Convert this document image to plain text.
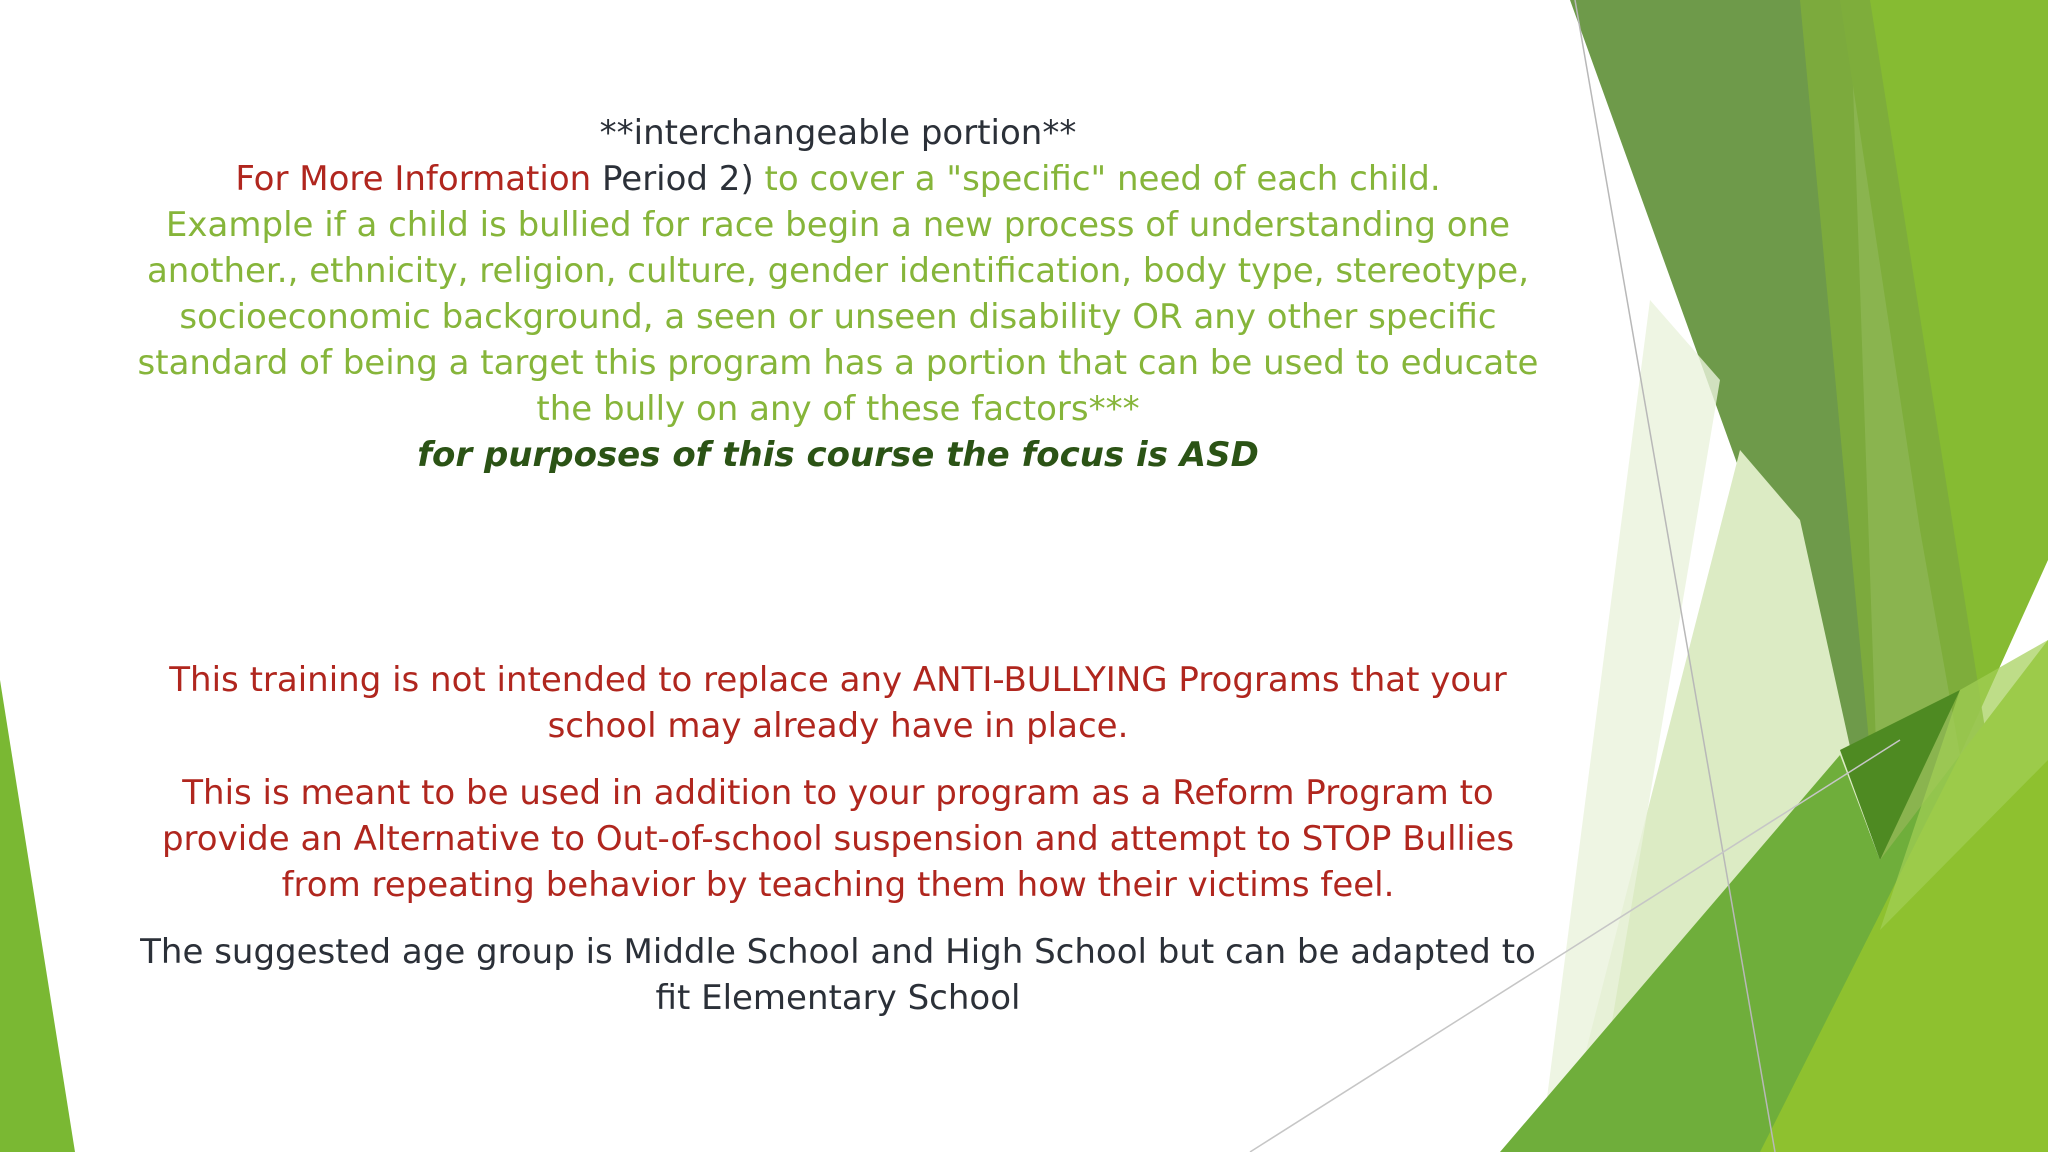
**interchangeable portion**
For More Information Period 2) to cover a "specific" need of each child.
Example if a child is bullied for race begin a new process of understanding one another., ethnicity, religion, culture, gender identification, body type, stereotype, socioeconomic background, a seen or unseen disability OR any other specific standard of being a target this program has a portion that can be used to educate the bully on any of these factors***
for purposes of this course the focus is ASD

This training is not intended to replace any ANTI-BULLYING Programs that your school may already have in place.

This is meant to be used in addition to your program as a Reform Program to provide an Alternative to Out-of-school suspension and attempt to STOP Bullies from repeating behavior by teaching them how their victims feel.

The suggested age group is Middle School and High School but can be adapted to fit Elementary School
